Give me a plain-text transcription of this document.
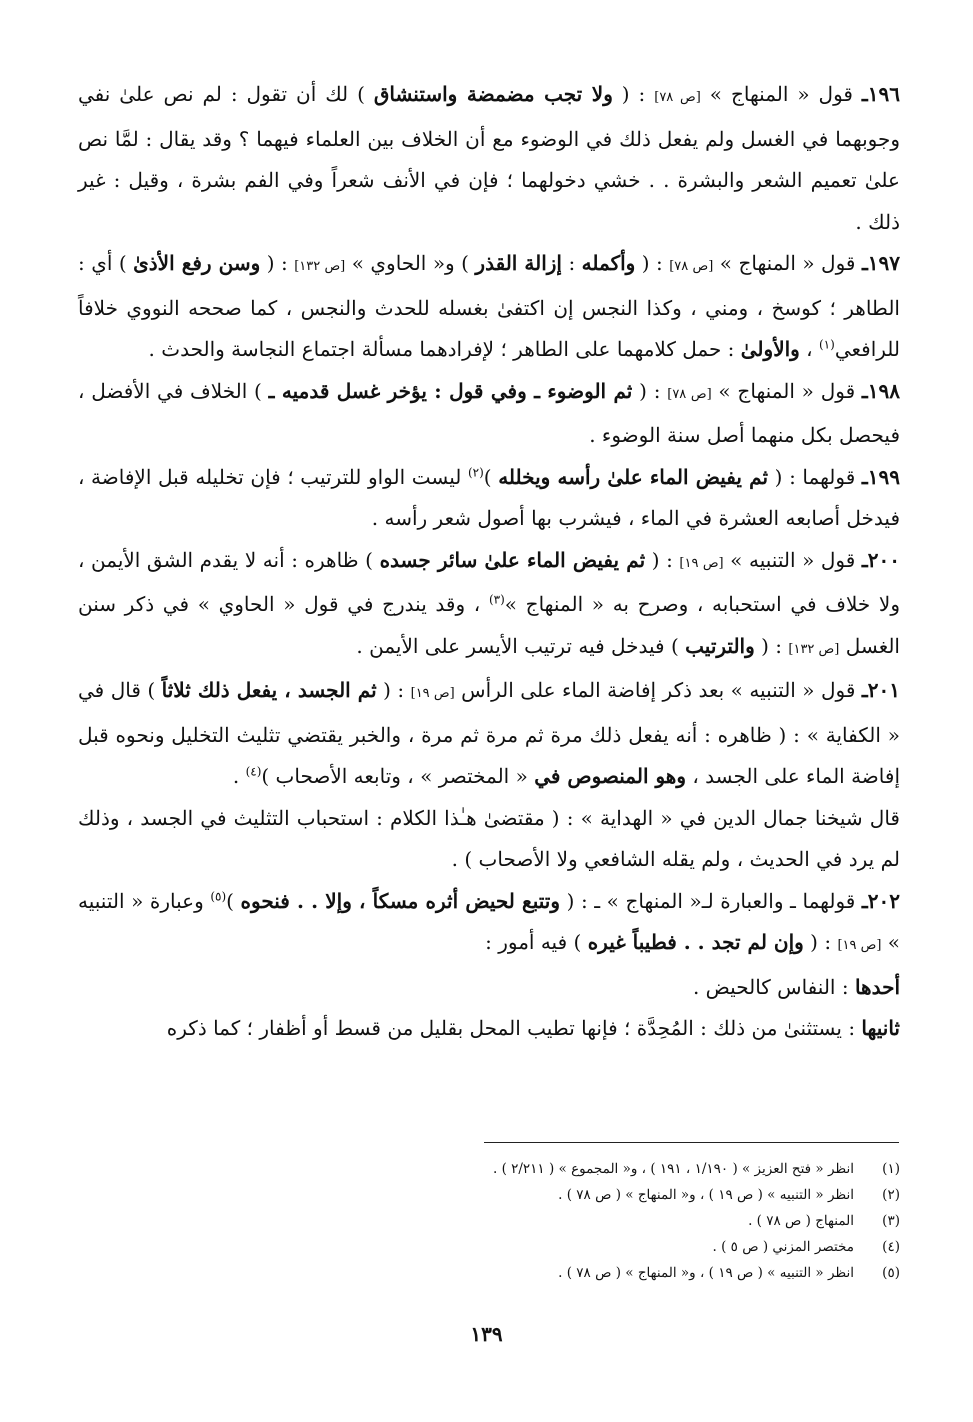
١٩٦ـ قول « المنهاج » [ص ٧٨] : ( ولا تجب مضمضة واستنشاق ) لك أن تقول : لم نص علىٰ نفي وجوبهما في الغسل ولم يفعل ذلك في الوضوء مع أن الخلاف بين العلماء فيهما ؟ وقد يقال : لمَّا نص علىٰ تعميم الشعر والبشرة . . خشي دخولهما ؛ فإن في الأنف شعراً وفي الفم بشرة ، وقيل : غير ذلك .

١٩٧ـ قول « المنهاج » [ص ٧٨] : ( وأكمله : إزالة القذر ) و« الحاوي » [ص ١٣٢] : ( وسن رفع الأذىٰ ) أي : الطاهر ؛ كوسخ ، ومني ، وكذا النجس إن اكتفىٰ بغسله للحدث والنجس ، كما صححه النووي خلافاً للرافعي$^{(١)}$ ، والأولىٰ : حمل كلامهما على الطاهر ؛ لإفرادهما مسألة اجتماع النجاسة والحدث .

١٩٨ـ قول « المنهاج » [ص ٧٨] : ( ثم الوضوء ـ وفي قول : يؤخر غسل قدميه ـ ) الخلاف في الأفضل ، فيحصل بكل منهما أصل سنة الوضوء .

١٩٩ـ قولهما : ( ثم يفيض الماء علىٰ رأسه ويخلله )$^{(٢)}$ ليست الواو للترتيب ؛ فإن تخليله قبل الإفاضة ، فيدخل أصابعه العشرة في الماء ، فيشرب بها أصول شعر رأسه .

٢٠٠ـ قول « التنبيه » [ص ١٩] : ( ثم يفيض الماء علىٰ سائر جسده ) ظاهره : أنه لا يقدم الشق الأيمن ، ولا خلاف في استحبابه ، وصرح به « المنهاج »$^{(٣)}$ ، وقد يندرج في قول « الحاوي » في ذكر سنن الغسل [ص ١٣٢] : ( والترتيب ) فيدخل فيه ترتيب الأيسر على الأيمن .

٢٠١ـ قول « التنبيه » بعد ذكر إفاضة الماء على الرأس [ص ١٩] : ( ثم الجسد ، يفعل ذلك ثلاثاً ) قال في « الكفاية » : ( ظاهره : أنه يفعل ذلك مرة ثم مرة ثم مرة ، والخبر يقتضي تثليث التخليل ونحوه قبل إفاضة الماء على الجسد ، وهو المنصوص في « المختصر » ، وتابعه الأصحاب )$^{(٤)}$ .

قال شيخنا جمال الدين في « الهداية » : ( مقتضىٰ هـٰذا الكلام : استحباب التثليث في الجسد ، وذلك لم يرد في الحديث ، ولم يقله الشافعي ولا الأصحاب ) .

٢٠٢ـ قولهما ـ والعبارة لـ« المنهاج » ـ : ( وتتبع لحيض أثره مسكاً ، وإلا . . فنحوه )$^{(٥)}$ وعبارة « التنبيه » [ص ١٩] : ( وإن لم تجد . . فطيباً غيره ) فيه أمور :

أحدها : النفاس كالحيض .

ثانيها : يستثنىٰ من ذلك : المُحِدَّة ؛ فإنها تطيب المحل بقليل من قسط أو أظفار ؛ كما ذكره

(١)
انظر « فتح العزيز » ( ١/١٩٠ ، ١٩١ ) ، و« المجموع » ( ٢/٢١١ ) .
(٢)
انظر « التنبيه » ( ص ١٩ ) ، و« المنهاج » ( ص ٧٨ ) .
(٣)
المنهاج ( ص ٧٨ ) .
(٤)
مختصر المزني ( ص ٥ ) .
(٥)
انظر « التنبيه » ( ص ١٩ ) ، و« المنهاج » ( ص ٧٨ ) .
١٣٩
